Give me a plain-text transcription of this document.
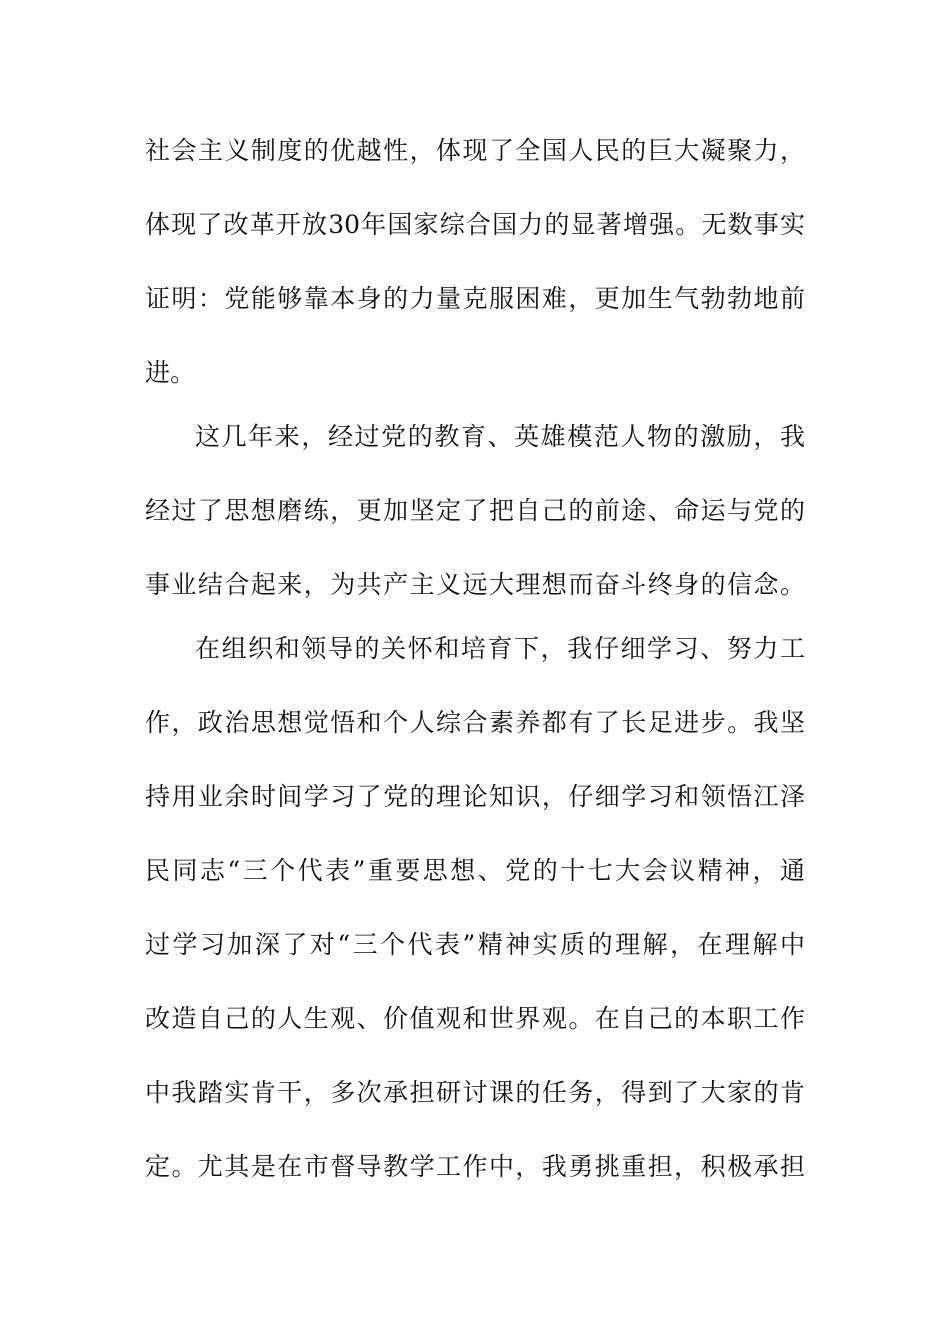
社会主义制度的优越性，体现了全国人民的巨大凝聚力，
体现了改革开放30年国家综合国力的显著增强。无数事实
证明：党能够靠本身的力量克服困难，更加生气勃勃地前
进。
这几年来，经过党的教育、英雄模范人物的激励，我
经过了思想磨练，更加坚定了把自己的前途、命运与党的
事业结合起来，为共产主义远大理想而奋斗终身的信念。
在组织和领导的关怀和培育下，我仔细学习、努力工
作，政治思想觉悟和个人综合素养都有了长足进步。我坚
持用业余时间学习了党的理论知识，仔细学习和领悟江泽
民同志“三个代表”重要思想、党的十七大会议精神，通
过学习加深了对“三个代表”精神实质的理解，在理解中
改造自己的人生观、价值观和世界观。在自己的本职工作
中我踏实肯干，多次承担研讨课的任务，得到了大家的肯
定。尤其是在市督导教学工作中，我勇挑重担，积极承担
